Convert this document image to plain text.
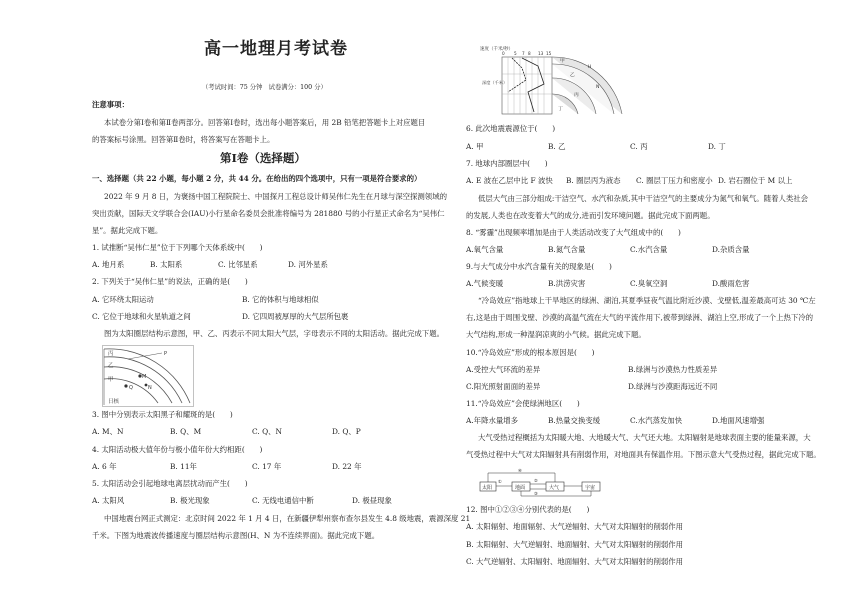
高一地理月考试卷
（考试时间：75 分钟　试卷满分：100 分）
注意事项：
本试卷分第Ⅰ卷和第Ⅱ卷两部分。回答第Ⅰ卷时，选出每小题答案后，用 2B 铅笔把答题卡上对应题目
的答案标号涂黑。回答第Ⅱ卷时，将答案写在答题卡上。
第Ⅰ卷（选择题）
一、选择题（共 22 小题，每小题 2 分，共 44 分。在给出的四个选项中，只有一项是符合要求的）
2022 年 9 月 8 日，为褒扬中国工程院院士、中国探月工程总设计师吴伟仁先生在月球与深空探测领域的
突出贡献，国际天文学联合会(IAU)小行星命名委员会批准将编号为 281880 号的小行星正式命名为“吴伟仁
星”。据此完成下题。
1. 试推断“吴伟仁星”位于下列哪个天体系统中(　　)
A. 地月系	B. 太阳系	C. 比邻星系	D. 河外星系
2. 下列关于“吴伟仁星”的说法，正确的是(　　)
A. 它环绕太阳运动	B. 它的体积与地球相似
C. 它位于地球和火星轨道之间	D. 它四周被厚厚的大气层所包裹
图为太阳圈层结构示意图，甲、乙、丙表示不同太阳大气层，字母表示不同的太阳活动。据此完成下题。
丙
乙
甲
日核
P
M
N
Q
3. 图中分别表示太阳黑子和耀斑的是(　　)
A. M、N	B. Q、M	C. Q、N	D. Q、P
4. 太阳活动极大值年份与极小值年份大约相距(　　)
A. 6 年	B. 11年	C. 17 年	D. 22 年
5. 太阳活动会引起地球电离层扰动而产生(　　)
A. 太阳风	B. 极光现象	C. 无线电通信中断	D. 极昼现象
中国地震台网正式测定：北京时间 2022 年 1 月 4 日，在新疆伊犁州察布查尔县发生 4.8 级地震，震源深度 21
千米。下图为地震波传播速度与圈层结构示意图(H、N 为不连续界面)。据此完成下题。
速度（千米/秒）
0 5 7 8 13 15
深度（千米）
甲
乙
丙
丁
H
N
6. 此次地震震源位于(　　)
A. 甲	B. 乙	C. 丙	D. 丁
7. 地球内部圈层中(　　)
A. E 波在乙层中比 F 波快 B. 圈层丙为液态 C. 圈层丁压力和密度小 D. 岩石圈位于 M 以上
低层大气由三部分组成:干洁空气、水汽和杂质,其中干洁空气的主要成分为氮气和氧气。随着人类社会
的发展,人类也在改变着大气的成分,进而引发环境问题。据此完成下面两题。
8. “雾霾”出现频率增加是由于人类活动改变了大气组成中的(　　)
A.氧气含量	B.氮气含量	C.水汽含量	D.杂质含量
9.与大气成分中水汽含量有关的现象是(　　)
A.气候变暖	B.洪涝灾害	C.臭氧空洞	D.酸雨危害
“冷岛效应”指地球上干旱地区的绿洲、湖泊,其夏季昼夜气温比附近沙漠、戈壁低,温差最高可达 30 ℃左
右,这是由于周围戈壁、沙漠的高温气流在大气的平流作用下,被带到绿洲、湖泊上空,形成了一个上热下冷的
大气结构,形成一种湿润凉爽的小气候。据此完成下题。
10.“冷岛效应”形成的根本原因是(　　)
A.受控大气环流的差异	B.绿洲与沙漠热力性质差异
C.阳光照射面面的差异	D.绿洲与沙漠距海远近不同
11.“冷岛效应”会使绿洲地区(　　)
A.年降水量增多	B.热量交换变缓	C.水汽蒸发加快	D.地面风速增强
大气受热过程概括为太阳暖大地、大地暖大气、大气还大地。太阳辐射是地球表面主要的能量来源，大
气受热过程中大气对太阳辐射具有削弱作用，对地面具有保温作用。下图示意大气受热过程，据此完成下题。
太阳	地面	大气	宇宙
①	②
③
④
12. 图中①②③④分别代表的是(　　)
A. 太阳辐射、地面辐射、大气逆辐射、大气对太阳辐射的削弱作用
B. 太阳辐射、大气逆辐射、地面辐射、大气对太阳辐射的削弱作用
C. 大气逆辐射、太阳辐射、地面辐射、大气对太阳辐射的削弱作用
